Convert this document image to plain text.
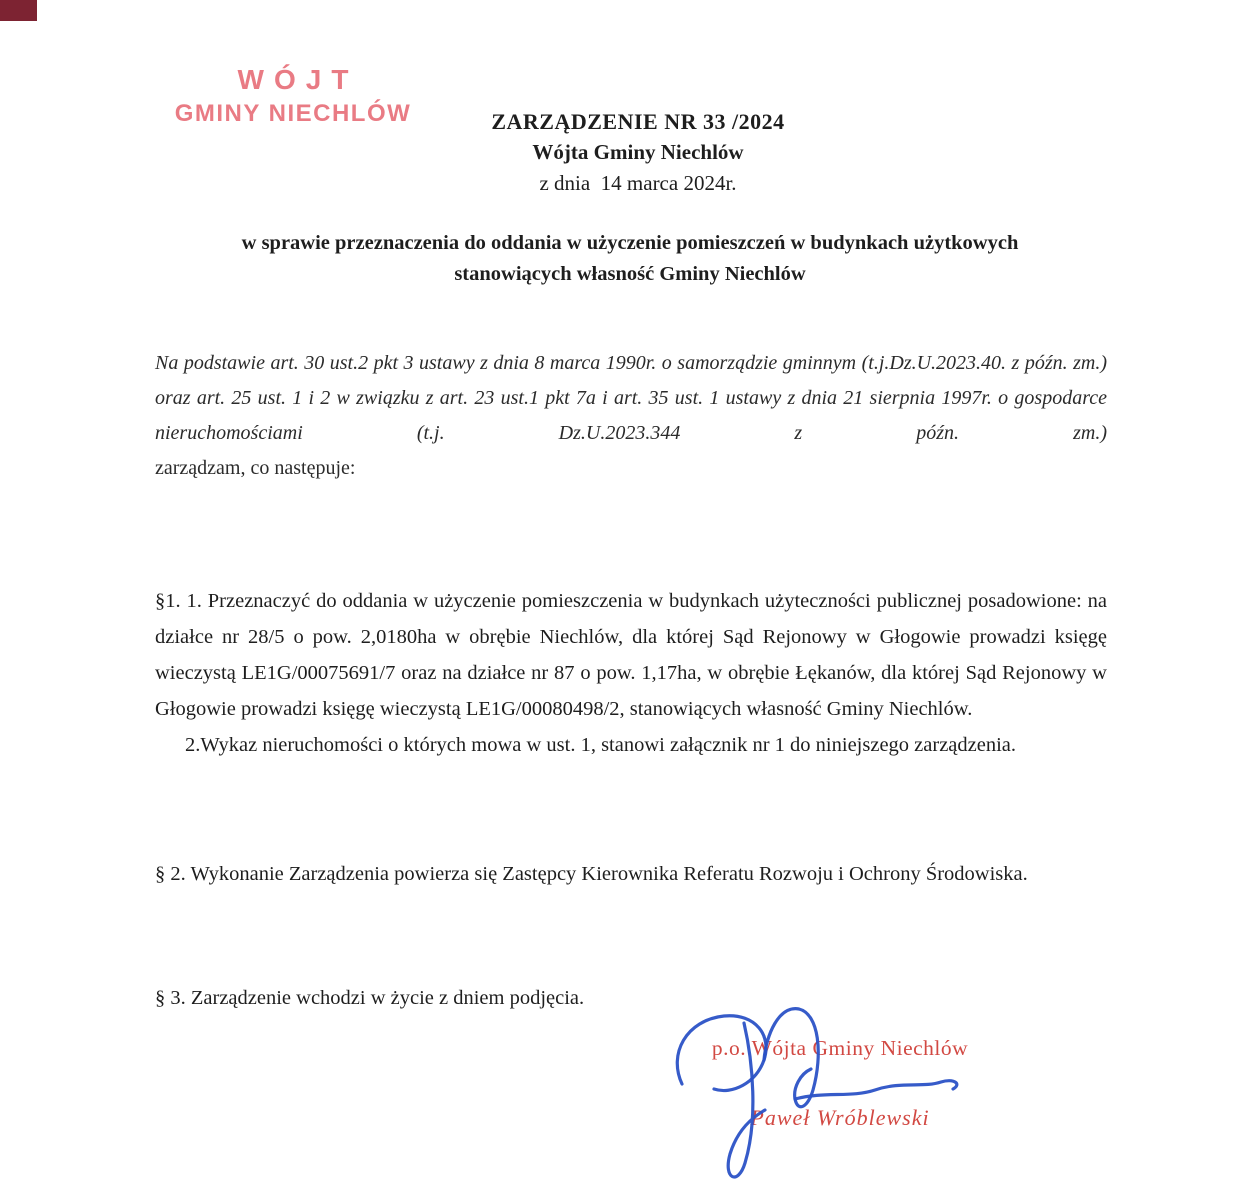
WÓJT
GMINY NIECHLÓW	ZARZĄDZENIE NR 33 /2024
Wójta Gminy Niechlów
z dnia  14 marca 2024r.
w sprawie przeznaczenia do oddania w użyczenie pomieszczeń w budynkach użytkowych
stanowiących własność Gminy Niechlów

Na podstawie art. 30 ust.2 pkt 3 ustawy z dnia 8 marca 1990r. o samorządzie gminnym (t.j.Dz.U.2023.40. z późn. zm.) oraz art. 25 ust. 1 i 2 w związku z art. 23 ust.1 pkt 7a i art. 35 ust. 1 ustawy z dnia 21 sierpnia 1997r. o gospodarce nieruchomościami (t.j. Dz.U.2023.344 z późn. zm.)

zarządzam, co następuje:

§1. 1. Przeznaczyć do oddania w użyczenie pomieszczenia w budynkach użyteczności publicznej posadowione: na działce nr 28/5 o pow. 2,0180ha w obrębie Niechlów, dla której Sąd Rejonowy w Głogowie prowadzi księgę wieczystą LE1G/00075691/7 oraz na działce nr 87 o pow. 1,17ha, w obrębie Łękanów, dla której Sąd Rejonowy w Głogowie prowadzi księgę wieczystą LE1G/00080498/2, stanowiących własność Gminy Niechlów.

2.Wykaz nieruchomości o których mowa w ust. 1, stanowi załącznik nr 1 do niniejszego zarządzenia.

§ 2. Wykonanie Zarządzenia powierza się Zastępcy Kierownika Referatu Rozwoju i Ochrony Środowiska.

§ 3. Zarządzenie wchodzi w życie z dniem podjęcia.

p.o. Wójta Gminy Niechlów
Paweł Wróblewski
